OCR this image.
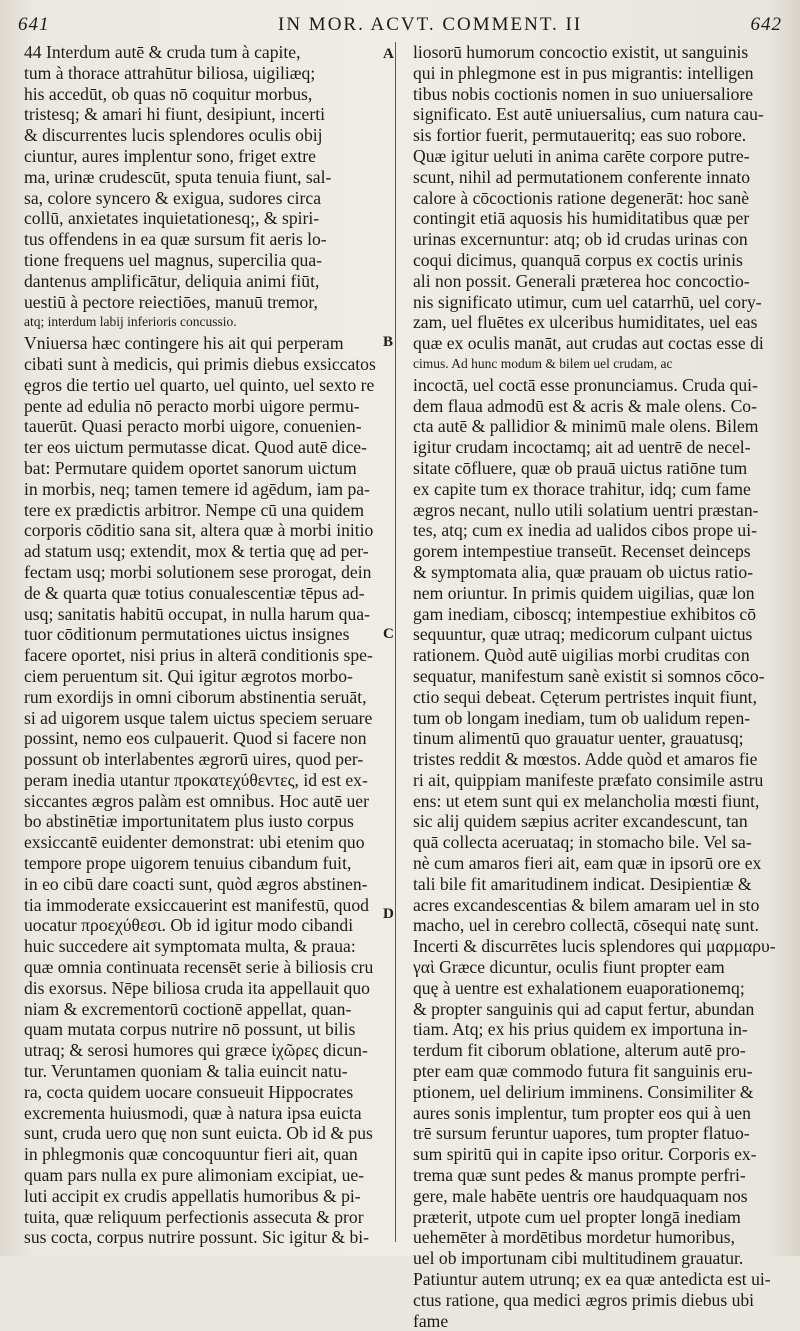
641	IN MOR. ACVT. COMMENT. II	642
44 Interdum autē & cruda tum à capite,
tum à thorace attrahūtur biliosa, uigiliæq;
his accedūt, ob quas nō coquitur morbus,
tristesq; & amari hi fiunt, desipiunt, incerti
& discurrentes lucis splendores oculis obij
ciuntur, aures implentur sono, friget extre
ma, urinæ crudescūt, sputa tenuia fiunt, sal-
sa, colore syncero & exigua, sudores circa
collū, anxietates inquietationesq;, & spiri-
tus offendens in ea quæ sursum fit aeris lo-
tione frequens uel magnus, supercilia qua-
dantenus amplificātur, deliquia animi fiūt,
uestiū à pectore reiectiōes, manuū tremor,
atq; interdum labij inferioris concussio.
Vniuersa hæc contingere his ait qui perperam
cibati sunt à medicis, qui primis diebus exsiccatos
ęgros die tertio uel quarto, uel quinto, uel sexto re
pente ad edulia nō peracto morbi uigore permu-
tauerūt. Quasi peracto morbi uigore, conuenien-
ter eos uictum permutasse dicat. Quod autē dice-
bat: Permutare quidem oportet sanorum uictum
in morbis, neq; tamen temere id agēdum, iam pa-
tere ex prædictis arbitror. Nempe cū una quidem
corporis cōditio sana sit, altera quæ à morbi initio
ad statum usq; extendit, mox & tertia quę ad per-
fectam usq; morbi solutionem sese prorogat, dein
de & quarta quæ totius conualescentiæ tēpus ad-
usq; sanitatis habitū occupat, in nulla harum qua-
tuor cōditionum permutationes uictus insignes
facere oportet, nisi prius in alterā conditionis spe-
ciem peruentum sit. Qui igitur ægrotos morbo-
rum exordijs in omni ciborum abstinentia seruāt,
si ad uigorem usque talem uictus speciem seruare
possint, nemo eos culpauerit. Quod si facere non
possunt ob interlabentes ægrorū uires, quod per-
peram inedia utantur προκατεχύθεντες, id est ex-
siccantes ægros palàm est omnibus. Hoc autē uer
bo abstinētiæ importunitatem plus iusto corpus
exsiccantē euidenter demonstrat: ubi etenim quo
tempore prope uigorem tenuius cibandum fuit,
in eo cibū dare coacti sunt, quòd ægros abstinen-
tia immoderate exsiccauerint est manifestū, quod
uocatur προεχύθεσι. Ob id igitur modo cibandi
huic succedere ait symptomata multa, & praua:
quæ omnia continuata recensēt serie à biliosis cru
dis exorsus. Nēpe biliosa cruda ita appellauit quo
niam & excrementorū coctionē appellat, quan-
quam mutata corpus nutrire nō possunt, ut bilis
utraq; & serosi humores qui græce ἰχῶρες dicun-
tur. Veruntamen quoniam & talia euincit natu-
ra, cocta quidem uocare consueuit Hippocrates
excrementa huiusmodi, quæ à natura ipsa euicta
sunt, cruda uero quę non sunt euicta. Ob id & pus
in phlegmonis quæ concoquuntur fieri ait, quan
quam pars nulla ex pure alimoniam excipiat, ue-
luti accipit ex crudis appellatis humoribus & pi-
tuita, quæ reliquum perfectionis assecuta & pror
sus cocta, corpus nutrire possunt. Sic igitur & bi-
liosorū humorum concoctio existit, ut sanguinis
qui in phlegmone est in pus migrantis: intelligen
tibus nobis coctionis nomen in suo uniuersaliore
significato. Est autē uniuersalius, cum natura cau-
sis fortior fuerit, permutaueritq; eas suo robore.
Quæ igitur ueluti in anima carēte corpore putre-
scunt, nihil ad permutationem conferente innato
calore à cōcoctionis ratione degenerāt: hoc sanè
contingit etiā aquosis his humiditatibus quæ per
urinas excernuntur: atq; ob id crudas urinas con
coqui dicimus, quanquā corpus ex coctis urinis
ali non possit. Generali præterea hoc concoctio-
nis significato utimur, cum uel catarrhū, uel cory-
zam, uel fluētes ex ulceribus humiditates, uel eas
quæ ex oculis manāt, aut crudas aut coctas esse di
cimus. Ad hunc modum & bilem uel crudam, ac
incoctā, uel coctā esse pronunciamus. Cruda qui-
dem flaua admodū est & acris & male olens. Co-
cta autē & pallidior & minimū male olens. Bilem
igitur crudam incoctamq; ait ad uentrē de necel-
sitate cōfluere, quæ ob prauā uictus ratiōne tum
ex capite tum ex thorace trahitur, idq; cum fame
ægros necant, nullo utili solatium uentri præstan-
tes, atq; cum ex inedia ad ualidos cibos prope ui-
gorem intempestiue transeūt. Recenset deinceps
& symptomata alia, quæ prauam ob uictus ratio-
nem oriuntur. In primis quidem uigilias, quæ lon
gam inediam, ciboscq; intempestiue exhibitos cō
sequuntur, quæ utraq; medicorum culpant uictus
rationem. Quòd autē uigilias morbi cruditas con
sequatur, manifestum sanè existit si somnos cōco-
ctio sequi debeat. Cęterum pertristes inquit fiunt,
tum ob longam inediam, tum ob ualidum repen-
tinum alimentū quo grauatur uenter, grauatusq;
tristes reddit & mœstos. Adde quòd et amaros fie
ri ait, quippiam manifeste præfato consimile astru
ens: ut etem sunt qui ex melancholia mœsti fiunt,
sic alij quidem sæpius acriter excandescunt, tan
quā collecta aceruataq; in stomacho bile. Vel sa-
nè cum amaros fieri ait, eam quæ in ipsorū ore ex
tali bile fit amaritudinem indicat. Desipientiæ &
acres excandescentias & bilem amaram uel in sto
macho, uel in cerebro collectā, cōsequi natę sunt.
Incerti & discurrētes lucis splendores qui μαρμαρυ-
γαὶ Græce dicuntur, oculis fiunt propter eam
quę à uentre est exhalationem euaporationemq;
& propter sanguinis qui ad caput fertur, abundan
tiam. Atq; ex his prius quidem ex importuna in-
terdum fit ciborum oblatione, alterum autē pro-
pter eam quæ commodo futura fit sanguinis eru-
ptionem, uel delirium imminens. Consimiliter &
aures sonis implentur, tum propter eos qui à uen
trē sursum feruntur uapores, tum propter flatuo-
sum spiritū qui in capite ipso oritur. Corporis ex-
trema quæ sunt pedes & manus prompte perfri-
gere, male habēte uentris ore haudquaquam nos
præterit, utpote cum uel propter longā inediam
uehemēter à mordētibus mordetur humoribus,
uel ob importunam cibi multitudinem grauatur.
Patiuntur autem utrunq; ex ea quæ antedicta est ui-
ctus ratione, qua medici ægros primis diebus ubi
fame
A
B
C
D
